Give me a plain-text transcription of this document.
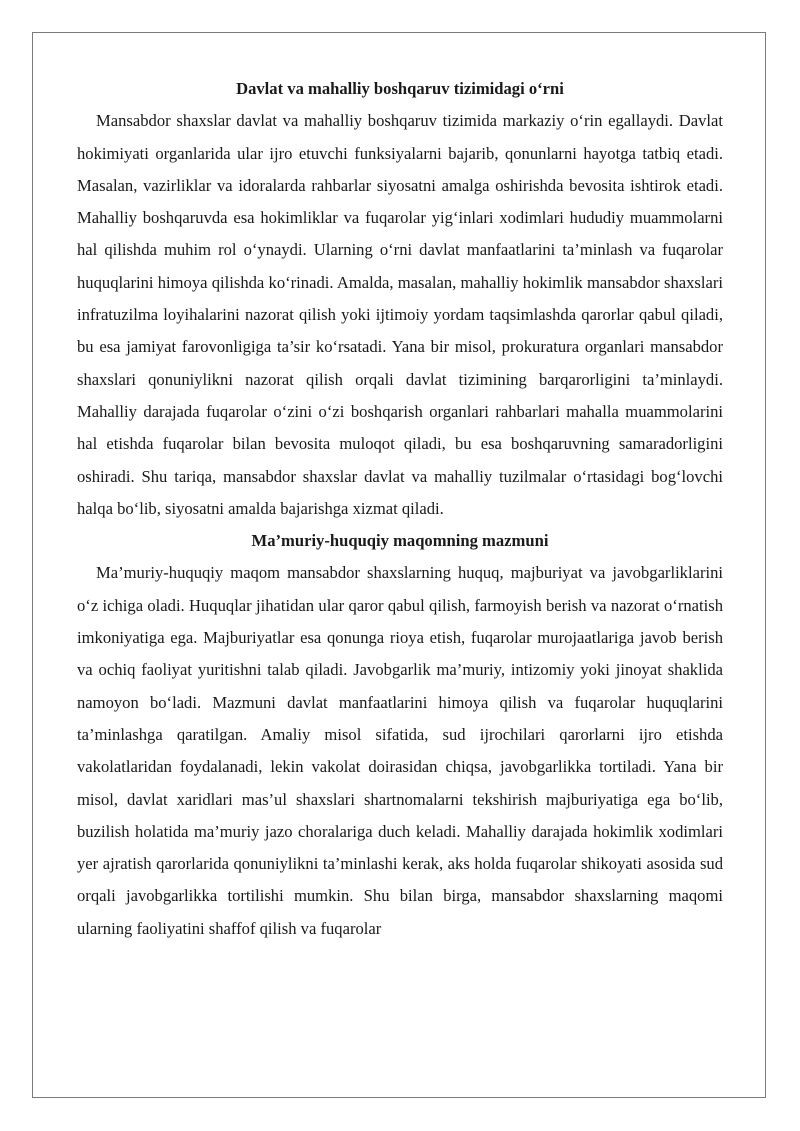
Davlat va mahalliy boshqaruv tizimidagi o‘rni

Mansabdor shaxslar davlat va mahalliy boshqaruv tizimida markaziy o‘rin egallaydi. Davlat hokimiyati organlarida ular ijro etuvchi funksiyalarni bajarib, qonunlarni hayotga tatbiq etadi. Masalan, vazirliklar va idoralarda rahbarlar siyosatni amalga oshirishda bevosita ishtirok etadi. Mahalliy boshqaruvda esa hokimliklar va fuqarolar yig‘inlari xodimlari hududiy muammolarni hal qilishda muhim rol o‘ynaydi. Ularning o‘rni davlat manfaatlarini ta’minlash va fuqarolar huquqlarini himoya qilishda ko‘rinadi. Amalda, masalan, mahalliy hokimlik mansabdor shaxslari infratuzilma loyihalarini nazorat qilish yoki ijtimoiy yordam taqsimlashda qarorlar qabul qiladi, bu esa jamiyat farovonligiga ta’sir ko‘rsatadi. Yana bir misol, prokuratura organlari mansabdor shaxslari qonuniylikni nazorat qilish orqali davlat tizimining barqarorligini ta’minlaydi. Mahalliy darajada fuqarolar o‘zini o‘zi boshqarish organlari rahbarlari mahalla muammolarini hal etishda fuqarolar bilan bevosita muloqot qiladi, bu esa boshqaruvning samaradorligini oshiradi. Shu tariqa, mansabdor shaxslar davlat va mahalliy tuzilmalar o‘rtasidagi bog‘lovchi halqa bo‘lib, siyosatni amalda bajarishga xizmat qiladi.

Ma’muriy-huquqiy maqomning mazmuni

Ma’muriy-huquqiy maqom mansabdor shaxslarning huquq, majburiyat va javobgarliklarini o‘z ichiga oladi. Huquqlar jihatidan ular qaror qabul qilish, farmoyish berish va nazorat o‘rnatish imkoniyatiga ega. Majburiyatlar esa qonunga rioya etish, fuqarolar murojaatlariga javob berish va ochiq faoliyat yuritishni talab qiladi. Javobgarlik ma’muriy, intizomiy yoki jinoyat shaklida namoyon bo‘ladi. Mazmuni davlat manfaatlarini himoya qilish va fuqarolar huquqlarini ta’minlashga qaratilgan. Amaliy misol sifatida, sud ijrochilari qarorlarni ijro etishda vakolatlaridan foydalanadi, lekin vakolat doirasidan chiqsa, javobgarlikka tortiladi. Yana bir misol, davlat xaridlari mas’ul shaxslari shartnomalarni tekshirish majburiyatiga ega bo‘lib, buzilish holatida ma’muriy jazo choralariga duch keladi. Mahalliy darajada hokimlik xodimlari yer ajratish qarorlarida qonuniylikni ta’minlashi kerak, aks holda fuqarolar shikoyati asosida sud orqali javobgarlikka tortilishi mumkin. Shu bilan birga, mansabdor shaxslarning maqomi ularning faoliyatini shaffof qilish va fuqarolar
